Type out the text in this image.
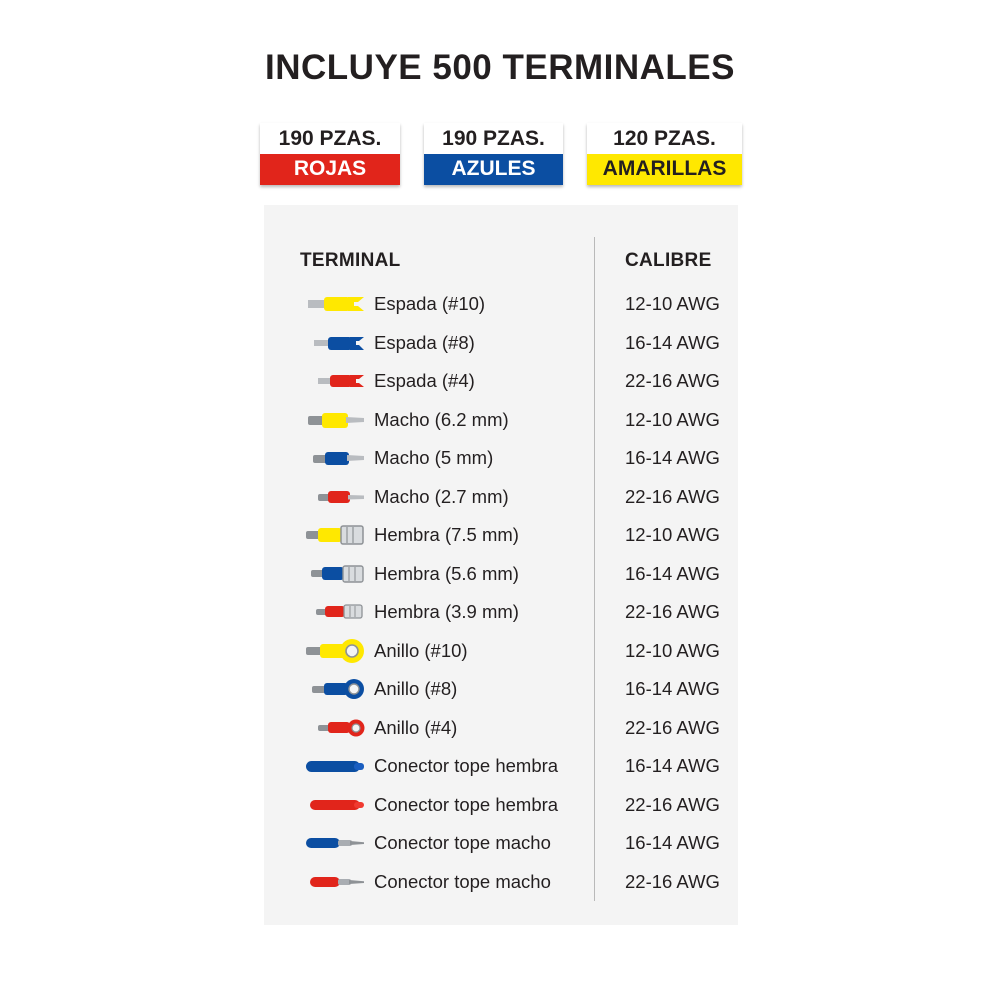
INCLUYE 500 TERMINALES
190 PZAS.
ROJAS
190 PZAS.
AZULES
120 PZAS.
AMARILLAS
TERMINAL	CALIBRE
Espada (#10)	12-10 AWG
Espada (#8)	16-14 AWG
Espada (#4)	22-16 AWG
Macho (6.2 mm)	12-10 AWG
Macho (5 mm)	16-14 AWG
Macho (2.7 mm)	22-16 AWG
Hembra (7.5 mm)	12-10 AWG
Hembra (5.6 mm)	16-14 AWG
Hembra (3.9 mm)	22-16 AWG
Anillo (#10)	12-10 AWG
Anillo (#8)	16-14 AWG
Anillo (#4)	22-16 AWG
Conector tope hembra	16-14 AWG
Conector tope hembra	22-16 AWG
Conector tope macho	16-14 AWG
Conector tope macho	22-16 AWG
